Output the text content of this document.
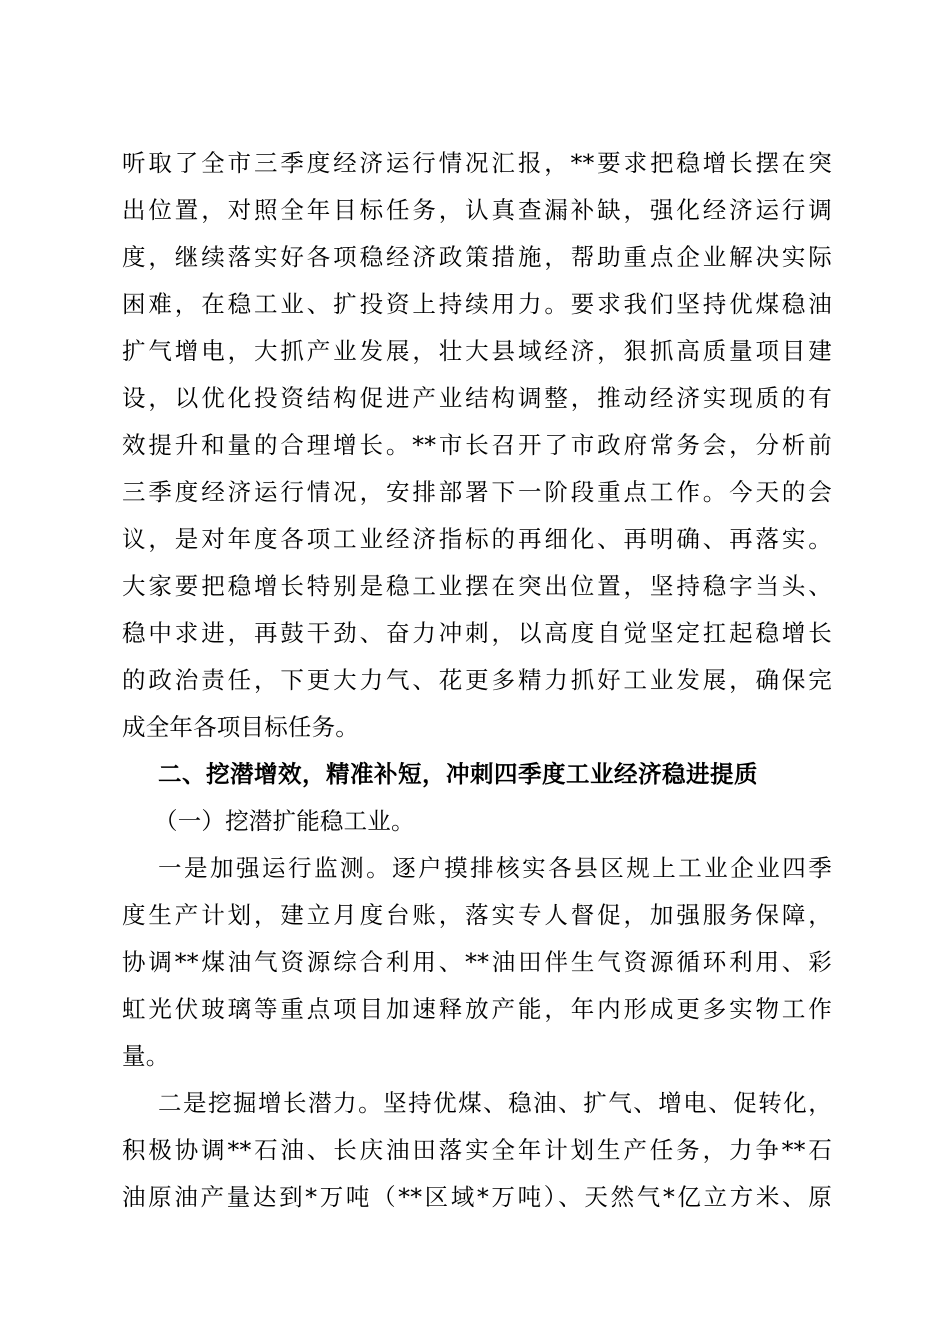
听取了全市三季度经济运行情况汇报，**要求把稳增长摆在突
出位置，对照全年目标任务，认真查漏补缺，强化经济运行调
度，继续落实好各项稳经济政策措施，帮助重点企业解决实际
困难，在稳工业、扩投资上持续用力。要求我们坚持优煤稳油
扩气增电，大抓产业发展，壮大县域经济，狠抓高质量项目建
设，以优化投资结构促进产业结构调整，推动经济实现质的有
效提升和量的合理增长。**市长召开了市政府常务会，分析前
三季度经济运行情况，安排部署下一阶段重点工作。今天的会
议，是对年度各项工业经济指标的再细化、再明确、再落实。
大家要把稳增长特别是稳工业摆在突出位置，坚持稳字当头、
稳中求进，再鼓干劲、奋力冲刺，以高度自觉坚定扛起稳增长
的政治责任，下更大力气、花更多精力抓好工业发展，确保完
成全年各项目标任务。
二、挖潜增效，精准补短，冲刺四季度工业经济稳进提质
（一）挖潜扩能稳工业。
一是加强运行监测。逐户摸排核实各县区规上工业企业四季
度生产计划，建立月度台账，落实专人督促，加强服务保障，
协调**煤油气资源综合利用、**油田伴生气资源循环利用、彩
虹光伏玻璃等重点项目加速释放产能，年内形成更多实物工作
量。
二是挖掘增长潜力。坚持优煤、稳油、扩气、增电、促转化，
积极协调**石油、长庆油田落实全年计划生产任务，力争**石
油原油产量达到*万吨（**区域*万吨）、天然气*亿立方米、原
